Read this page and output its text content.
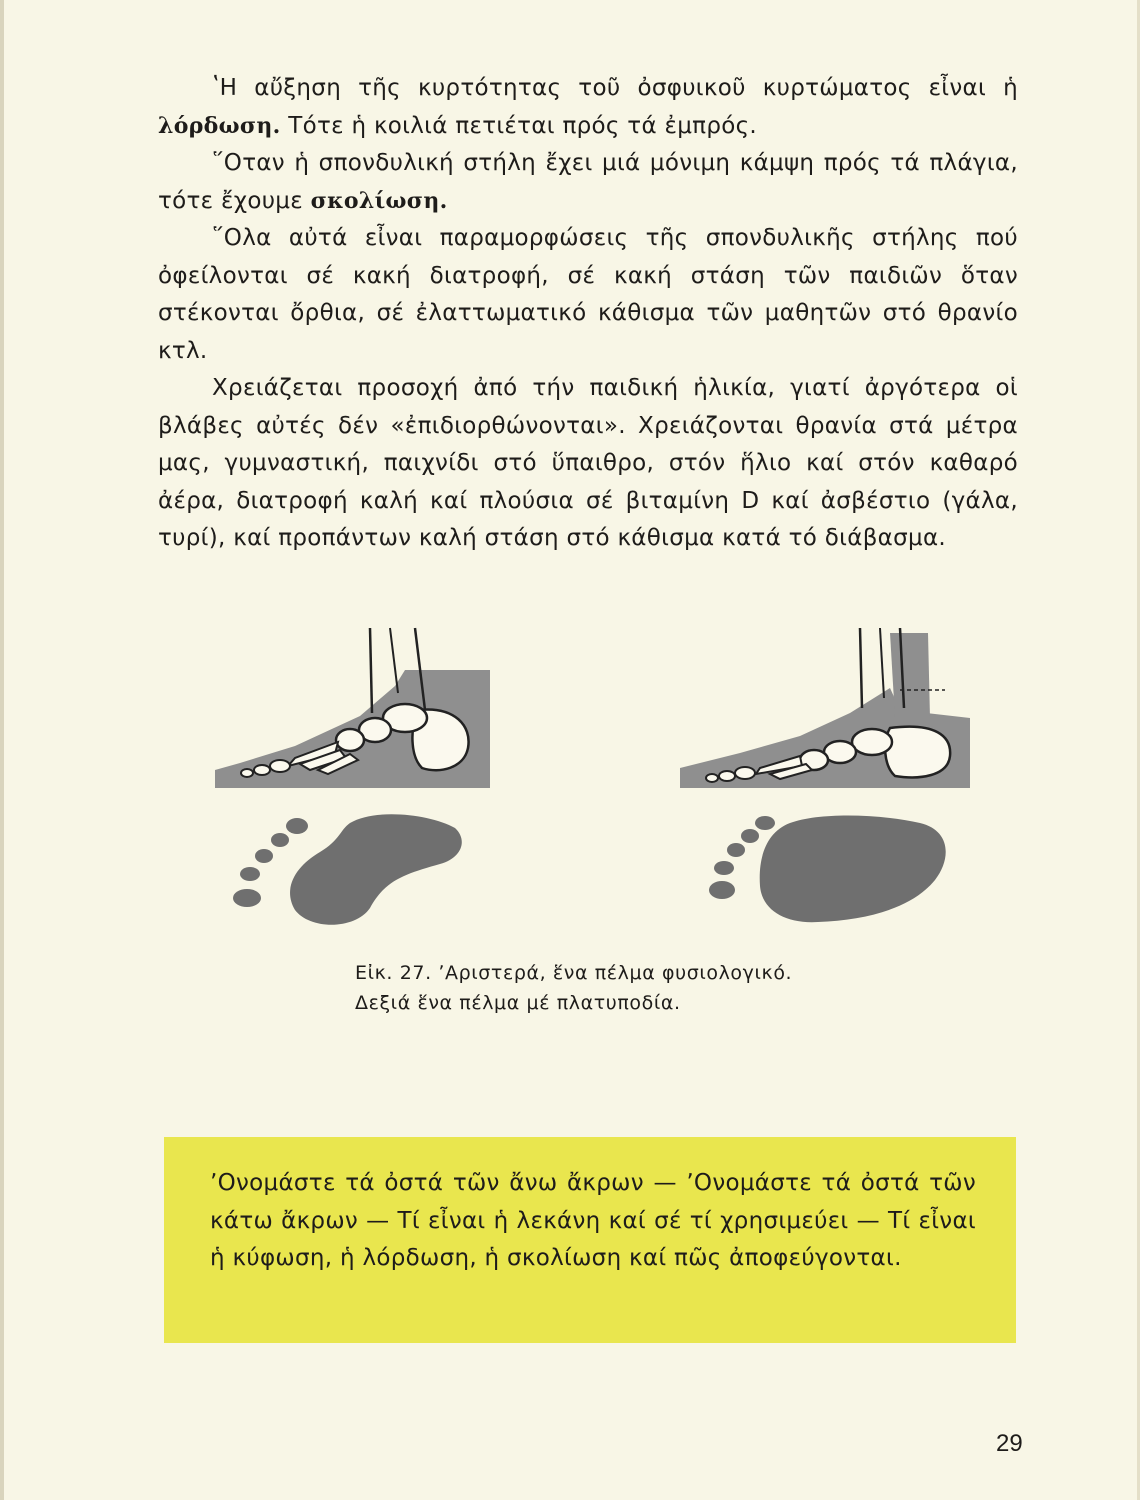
ʽΗ αὔξηση τῆς κυρτότητας τοῦ ὀσφυικοῦ κυρτώματος εἶναι ἡ λόρδωση. Τότε ἡ κοιλιά πετιέται πρός τά ἐμπρός.

῞Οταν ἡ σπονδυλική στήλη ἔχει μιά μόνιμη κάμψη πρός τά πλάγια, τότε ἔχουμε σκολίωση.

῞Ολα αὐτά εἶναι παραμορφώσεις τῆς σπονδυλικῆς στήλης πού ὀφείλονται σέ κακή διατροφή, σέ κακή στάση τῶν παιδιῶν ὅταν στέκονται ὄρθια, σέ ἐλαττωματικό κάθισμα τῶν μαθητῶν στό θρανίο κτλ.

Χρειάζεται προσοχή ἀπό τήν παιδική ἡλικία, γιατί ἀργότερα οἱ βλάβες αὐτές δέν «ἐπιδιορθώνονται». Χρειάζονται θρανία στά μέτρα μας, γυμναστική, παιχνίδι στό ὕπαιθρο, στόν ἥλιο καί στόν καθαρό ἀέρα, διατροφή καλή καί πλούσια σέ βιταμίνη D καί ἀσβέστιο (γάλα, τυρί), καί προπάντων καλή στάση στό κάθισμα κατά τό διάβασμα.

Εἰκ. 27. ʼΑριστερά, ἕνα πέλμα φυσιολογικό.
Δεξιά ἕνα πέλμα μέ πλατυποδία.
ʼΟνομάστε τά ὀστά τῶν ἄνω ἄκρων — ʼΟνομάστε τά ὀστά τῶν κάτω ἄκρων — Τί εἶναι ἡ λεκάνη καί σέ τί χρησιμεύει — Τί εἶναι ἡ κύφωση, ἡ λόρδωση, ἡ σκολίωση καί πῶς ἀποφεύγονται.
29
